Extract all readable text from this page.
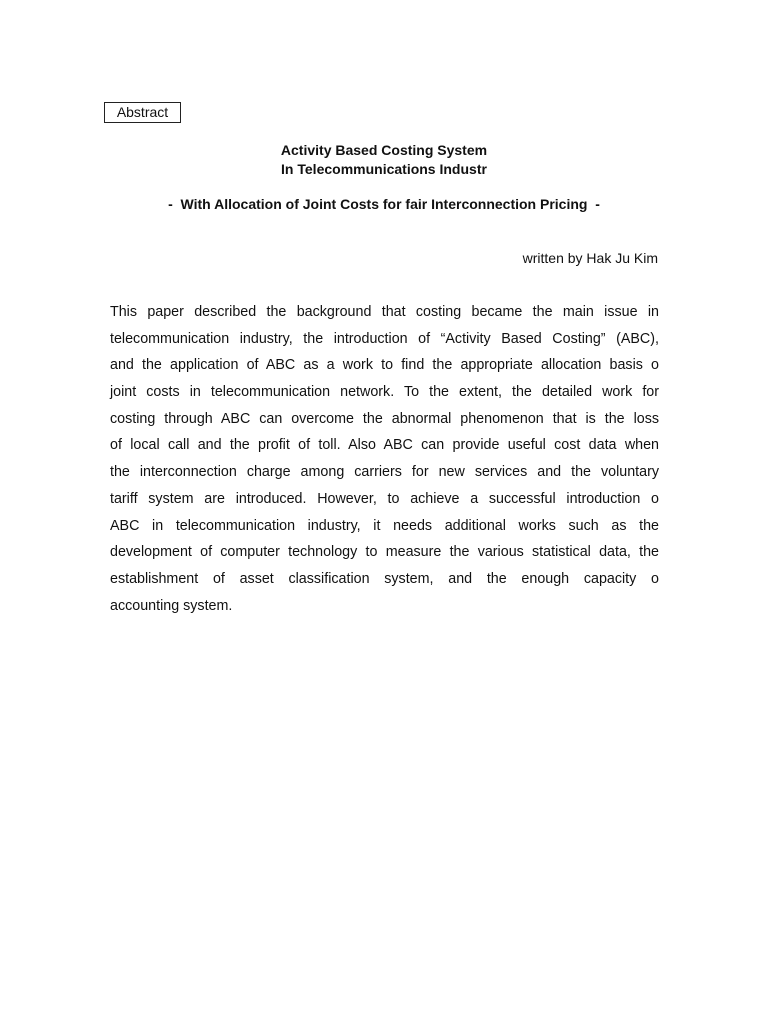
Abstract
Activity Based Costing System
In Telecommunications Industr
-  With Allocation of Joint Costs for fair Interconnection Pricing  -
written by Hak Ju Kim
This paper described the background that costing became the main issue in
telecommunication industry, the introduction of “Activity Based Costing” (ABC),
and the application of ABC as a work to find the appropriate allocation basis o
joint costs in telecommunication network. To the extent, the detailed work for
costing through ABC can overcome the abnormal phenomenon that is the loss
of local call and the profit of toll. Also ABC can provide useful cost data when
the interconnection charge among carriers for new services and the voluntary
tariff system are introduced. However, to achieve a successful introduction o
ABC in telecommunication industry, it needs additional works such as the
development of computer technology to measure the various statistical data, the
establishment of asset classification system, and the enough capacity o
accounting system.
